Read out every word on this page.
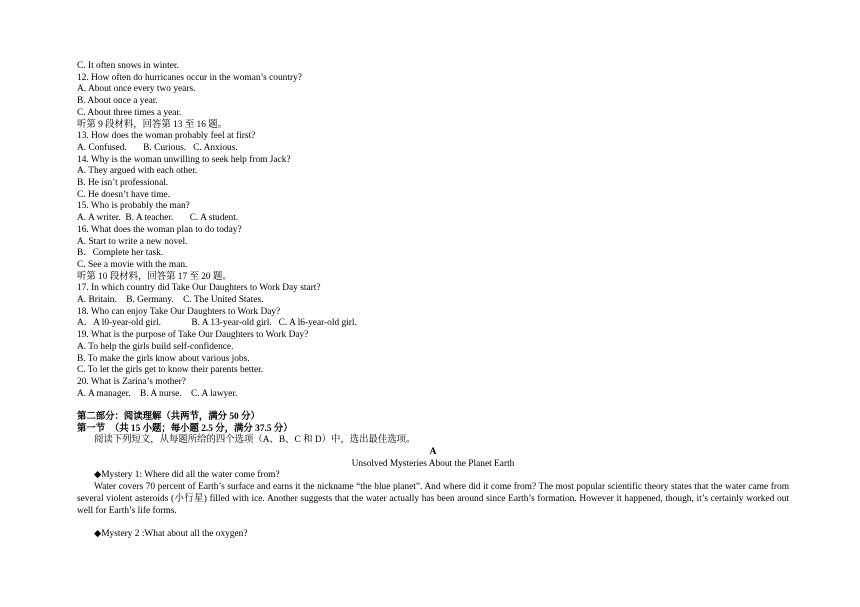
C. It often snows in winter.
12. How often do hurricanes occur in the woman’s country?
A. About once every two years.
B. About once a year.
C. About three times a year.
听第 9 段材料，回答第 13 至 16 题。
13. How does the woman probably feel at first?
A. Confused.       B. Curious.   C. Anxious.
14. Why is the woman unwilling to seek help from Jack?
A. They argued with each other.
B. He isn’t professional.
C. He doesn’t have time.
15. Who is probably the man?
A. A writer.  B. A teacher.       C. A student.
16. What does the woman plan to do today?
A. Start to write a new novel.
B．Complete her task.
C. See a movie with the man.
听第 10 段材料，回答第 17 至 20 题。
17. In which country did Take Our Daughters to Work Day start?
A. Britain.    B. Germany.    C. The United States.
18. Who can enjoy Take Our Daughters to Work Day?
A．A l0-year-old girl.             B. A 13-year-old girl.   C. A l6-year-old girl.
19. What is the purpose of Take Our Daughters to Work Day?
A. To help the girls build self-confidence.
B. To make the girls know about various jobs.
C. To let the girls get to know their parents better.
20. What is Zarina’s mother?
A. A manager.    B. A nurse.    C. A lawyer.
第二部分：阅读理解（共两节，满分 50 分）
第一节  （共 15 小题；每小题 2.5 分，满分 37.5 分）
阅读下列短文，从每题所给的四个选项（A、B、C 和 D）中，选出最佳选项。
A
Unsolved Mysteries About the Planet Earth
◆Mystery 1: Where did all the water come from?
Water covers 70 percent of Earth’s surface and earns it the nickname “the blue planet”. And where did it come from? The most popular scientific theory states that the water came from several violent asteroids (小行星) filled with ice. Another suggests that the water actually has been around since Earth’s formation. However it happened, though, it’s certainly worked out well for Earth’s life forms.
◆Mystery 2 :What about all the oxygen?
